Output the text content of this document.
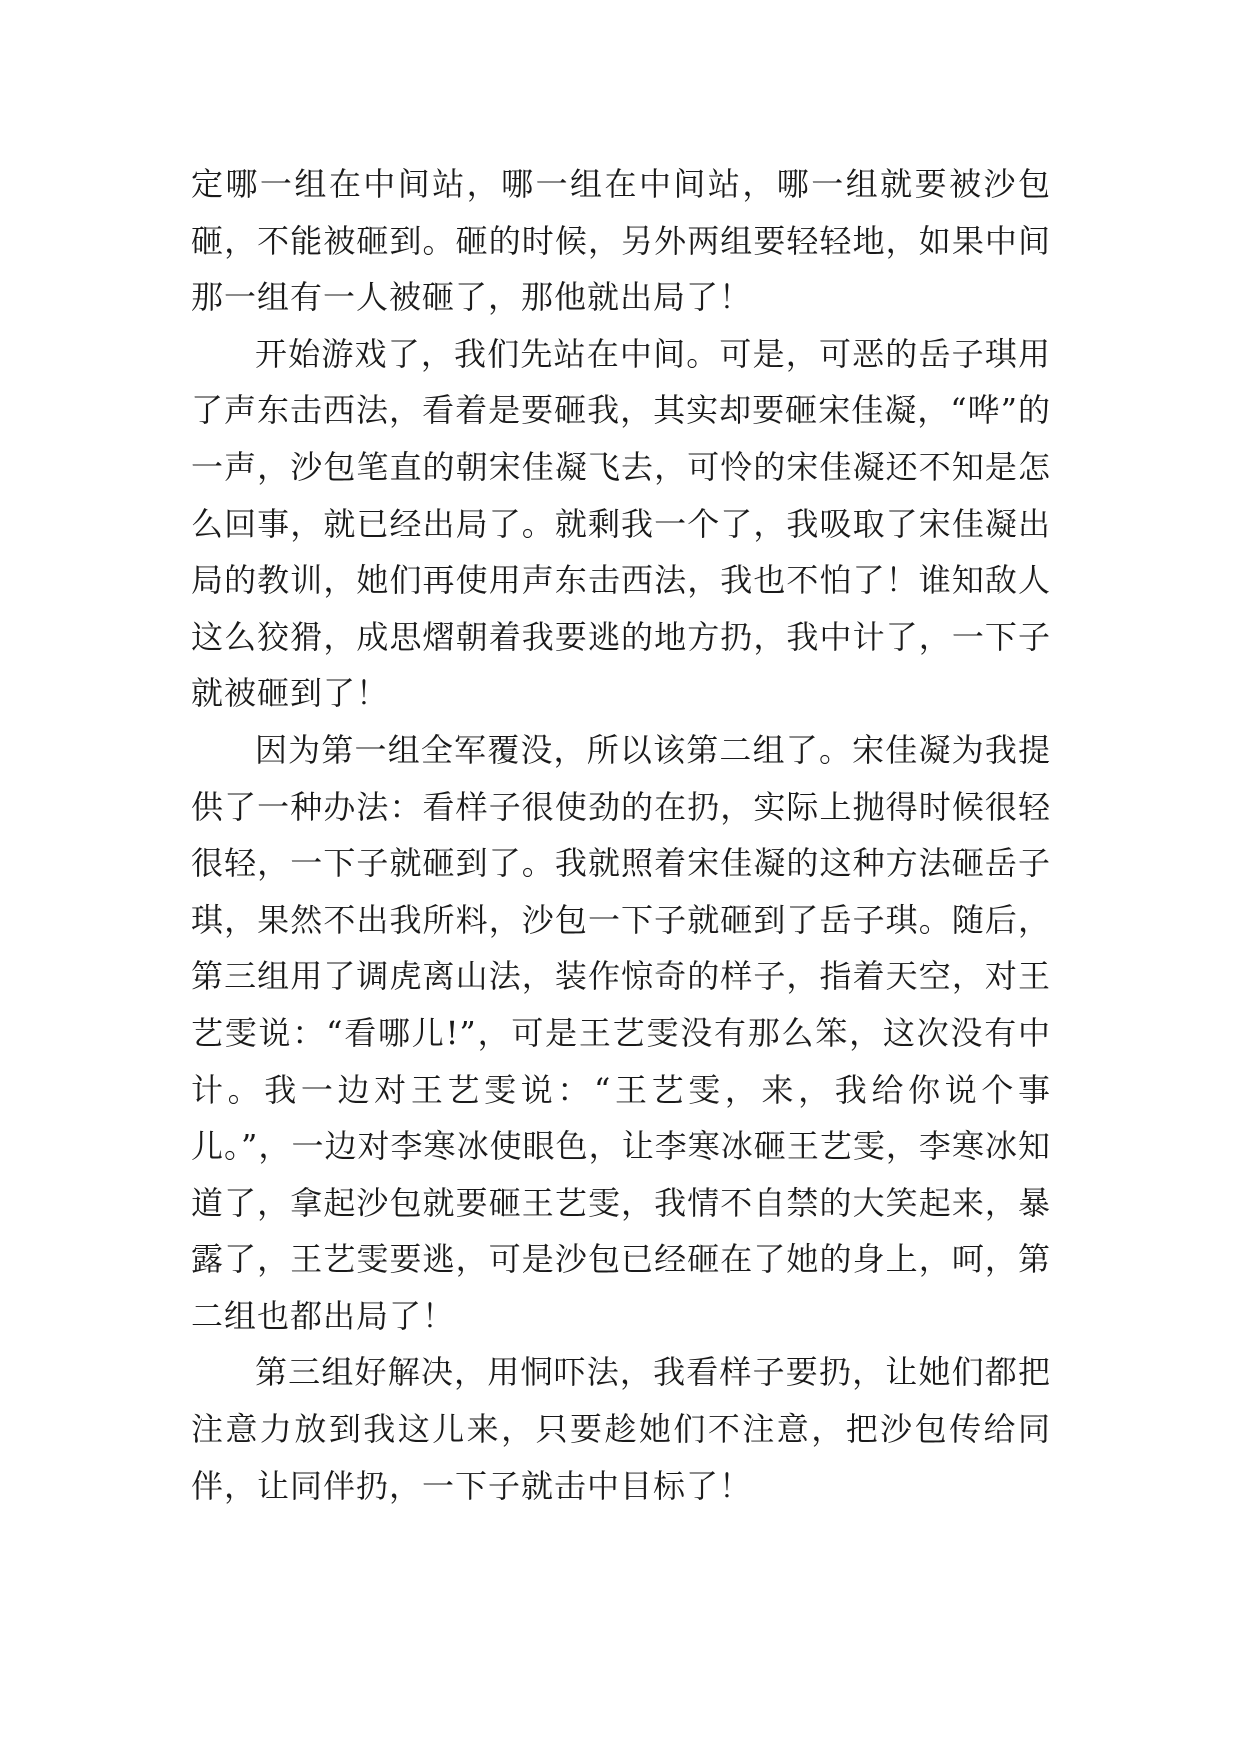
定哪一组在中间站，哪一组在中间站，哪一组就要被沙包砸，不能被砸到。砸的时候，另外两组要轻轻地，如果中间那一组有一人被砸了，那他就出局了！

开始游戏了，我们先站在中间。可是，可恶的岳子琪用了声东击西法，看着是要砸我，其实却要砸宋佳凝，“哗”的一声，沙包笔直的朝宋佳凝飞去，可怜的宋佳凝还不知是怎么回事，就已经出局了。就剩我一个了，我吸取了宋佳凝出局的教训，她们再使用声东击西法，我也不怕了！谁知敌人这么狡猾，成思熠朝着我要逃的地方扔，我中计了，一下子就被砸到了！

因为第一组全军覆没，所以该第二组了。宋佳凝为我提供了一种办法：看样子很使劲的在扔，实际上抛得时候很轻很轻，一下子就砸到了。我就照着宋佳凝的这种方法砸岳子琪，果然不出我所料，沙包一下子就砸到了岳子琪。随后，第三组用了调虎离山法，装作惊奇的样子，指着天空，对王艺雯说：“看哪儿!”，可是王艺雯没有那么笨，这次没有中计。我一边对王艺雯说：“王艺雯，来，我给你说个事儿。”，一边对李寒冰使眼色，让李寒冰砸王艺雯，李寒冰知道了，拿起沙包就要砸王艺雯，我情不自禁的大笑起来，暴露了，王艺雯要逃，可是沙包已经砸在了她的身上，呵，第二组也都出局了！

第三组好解决，用恫吓法，我看样子要扔，让她们都把注意力放到我这儿来，只要趁她们不注意，把沙包传给同伴，让同伴扔，一下子就击中目标了！
